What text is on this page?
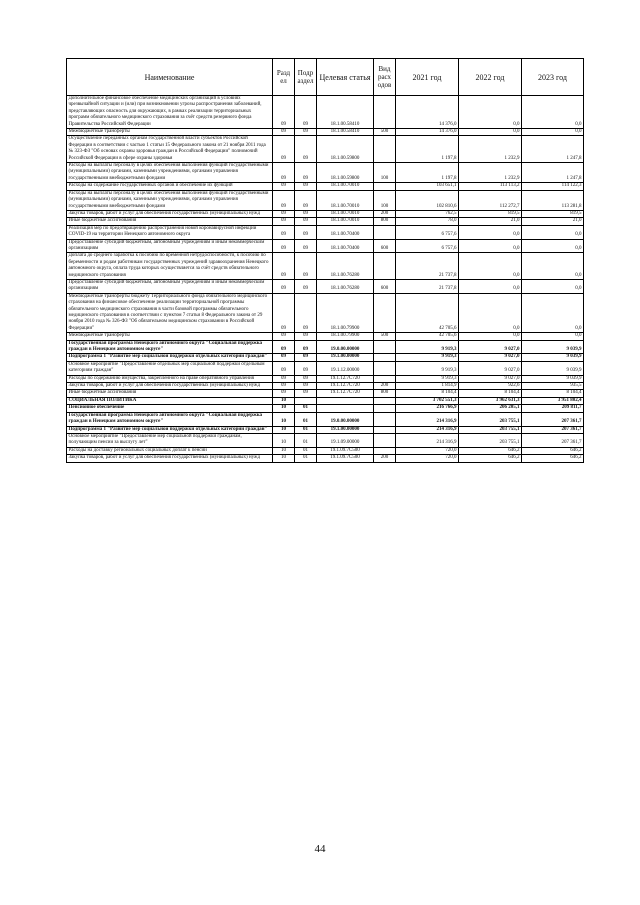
Наименование	Разд ел	Подр аздел	Целевая статья	Вид расх одов	2021 год	2022 год	2023 год
Дополнительное финансовое обеспечение медицинских организаций в условиях чрезвычайной ситуации и (или) при возникновении угрозы распространения заболеваний, представляющих опасность для окружающих, в рамках реализации территориальных программ обязательного медицинского страхования за счёт средств резервного фонда Правительства Российской Федерации	09	09	18.1.00.58410		14 376,0	0,0	0,0
Межбюджетные трансферты	09	09	18.1.00.58410	500	14 376,0	0,0	0,0
Осуществление переданных органам государственной власти субъектов Российской Федерации в соответствии с частью 1 статьи 15 Федерального закона от 21 ноября 2011 года № 323-ФЗ "Об основах охраны здоровья граждан в Российской Федерации" полномочий Российской Федерации в сфере охраны здоровья	09	09	18.1.00.59800		1 197,8	1 232,9	1 247,8
Расходы на выплаты персоналу в целях обеспечения выполнения функций государственными (муниципальными) органами, казенными учреждениями, органами управления государственными внебюджетными фондами	09	09	18.1.00.59800	100	1 197,8	1 232,9	1 247,8
Расходы на содержание государственных органов и обеспечение их функций	09	09	18.1.00.70010		103 651,1	113 113,2	114 122,3
Расходы на выплаты персоналу в целях обеспечения выполнения функций государственными (муниципальными) органами, казенными учреждениями, органами управления государственными внебюджетными фондами	09	09	18.1.00.70010	100	102 810,6	112 272,7	113 281,8
Закупка товаров, работ и услуг для обеспечения государственных (муниципальных) нужд	09	09	18.1.00.70010	200	762,5	819,5	819,5
Иные бюджетные ассигнования	09	09	18.1.00.70010	800	78,0	21,0	21,0
Реализация мер по предотвращению распространения новой коронавирусной инфекции COVID-19 на территории Ненецкого автономного округа	09	09	18.1.00.70400		6 757,6	0,0	0,0
Предоставление субсидий бюджетным, автономным учреждениям и иным некоммерческим организациям	09	09	18.1.00.70400	600	6 757,6	0,0	0,0
Доплата до среднего заработка к пособию по временной нетрудоспособности, к пособию по беременности и родам работникам государственных учреждений здравоохранения Ненецкого автономного округа, оплата труда которых осуществляется за счёт средств обязательного медицинского страхования	09	09	18.1.00.76280		21 737,8	0,0	0,0
Предоставление субсидий бюджетным, автономным учреждениям и иным некоммерческим организациям	09	09	18.1.00.76280	600	21 737,8	0,0	0,0
Межбюджетные трансферты бюджету Территориального фонда обязательного медицинского страхования на финансовое обеспечение реализации территориальной программы обязательного медицинского страхования в части базовой программы обязательного медицинского страхования в соответствии с пунктом 7 статьи 8 Федерального закона от 29 ноября 2010 года № 326-ФЗ "Об обязательном медицинском страховании в Российской Федерации"	09	09	18.1.00.79900		42 705,6	0,0	0,0
Межбюджетные трансферты	09	09	18.1.00.79900	500	42 705,6	0,0	0,0
Государственная программа Ненецкого автономного округа "Социальная поддержка граждан в Ненецком автономном округе"	09	09	19.0.00.00000		9 919,3	9 027,0	9 039,9
Подпрограмма 1 "Развитие мер социальной поддержки отдельных категорий граждан"	09	09	19.1.00.00000		9 919,3	9 027,0	9 039,9
Основное мероприятие "Предоставление отдельных мер социальной поддержки отдельным категориям граждан"	09	09	19.1.12.00000		9 919,3	9 027,0	9 039,9
Расходы по содержанию имущества, закрепленного на праве оперативного управления	09	09	19.1.12.7С720		9 919,3	9 027,0	9 039,9
Закупка товаров, работ и услуг для обеспечения государственных (муниципальных) нужд	09	09	19.1.12.7С720	200	1 814,9	922,6	935,5
Иные бюджетные ассигнования	09	09	19.1.12.7С720	800	8 104,4	8 104,4	8 104,4
СОЦИАЛЬНАЯ ПОЛИТИКА	10				3 702 551,3	3 962 631,3	3 951 802,4
Пенсионное обеспечение	10	01			216 766,9	206 205,1	209 811,7
Государственная программа Ненецкого автономного округа "Социальная поддержка граждан в Ненецком автономном округе"	10	01	19.0.00.00000		214 316,9	203 755,1	207 361,7
Подпрограмма 1 "Развитие мер социальной поддержки отдельных категорий граждан"	10	01	19.1.00.00000		214 316,9	203 755,1	207 361,7
Основное мероприятие "Предоставление мер социальной поддержки гражданам, получающим пенсии за выслугу лет"	10	01	19.1.09.00000		214 316,9	203 755,1	207 361,7
Расходы на доставку региональных социальных доплат к пенсии	10	01	19.1.09.7С500		720,0	646,2	646,2
Закупка товаров, работ и услуг для обеспечения государственных (муниципальных) нужд	10	01	19.1.09.7С500	200	720,0	646,2	646,2
44
